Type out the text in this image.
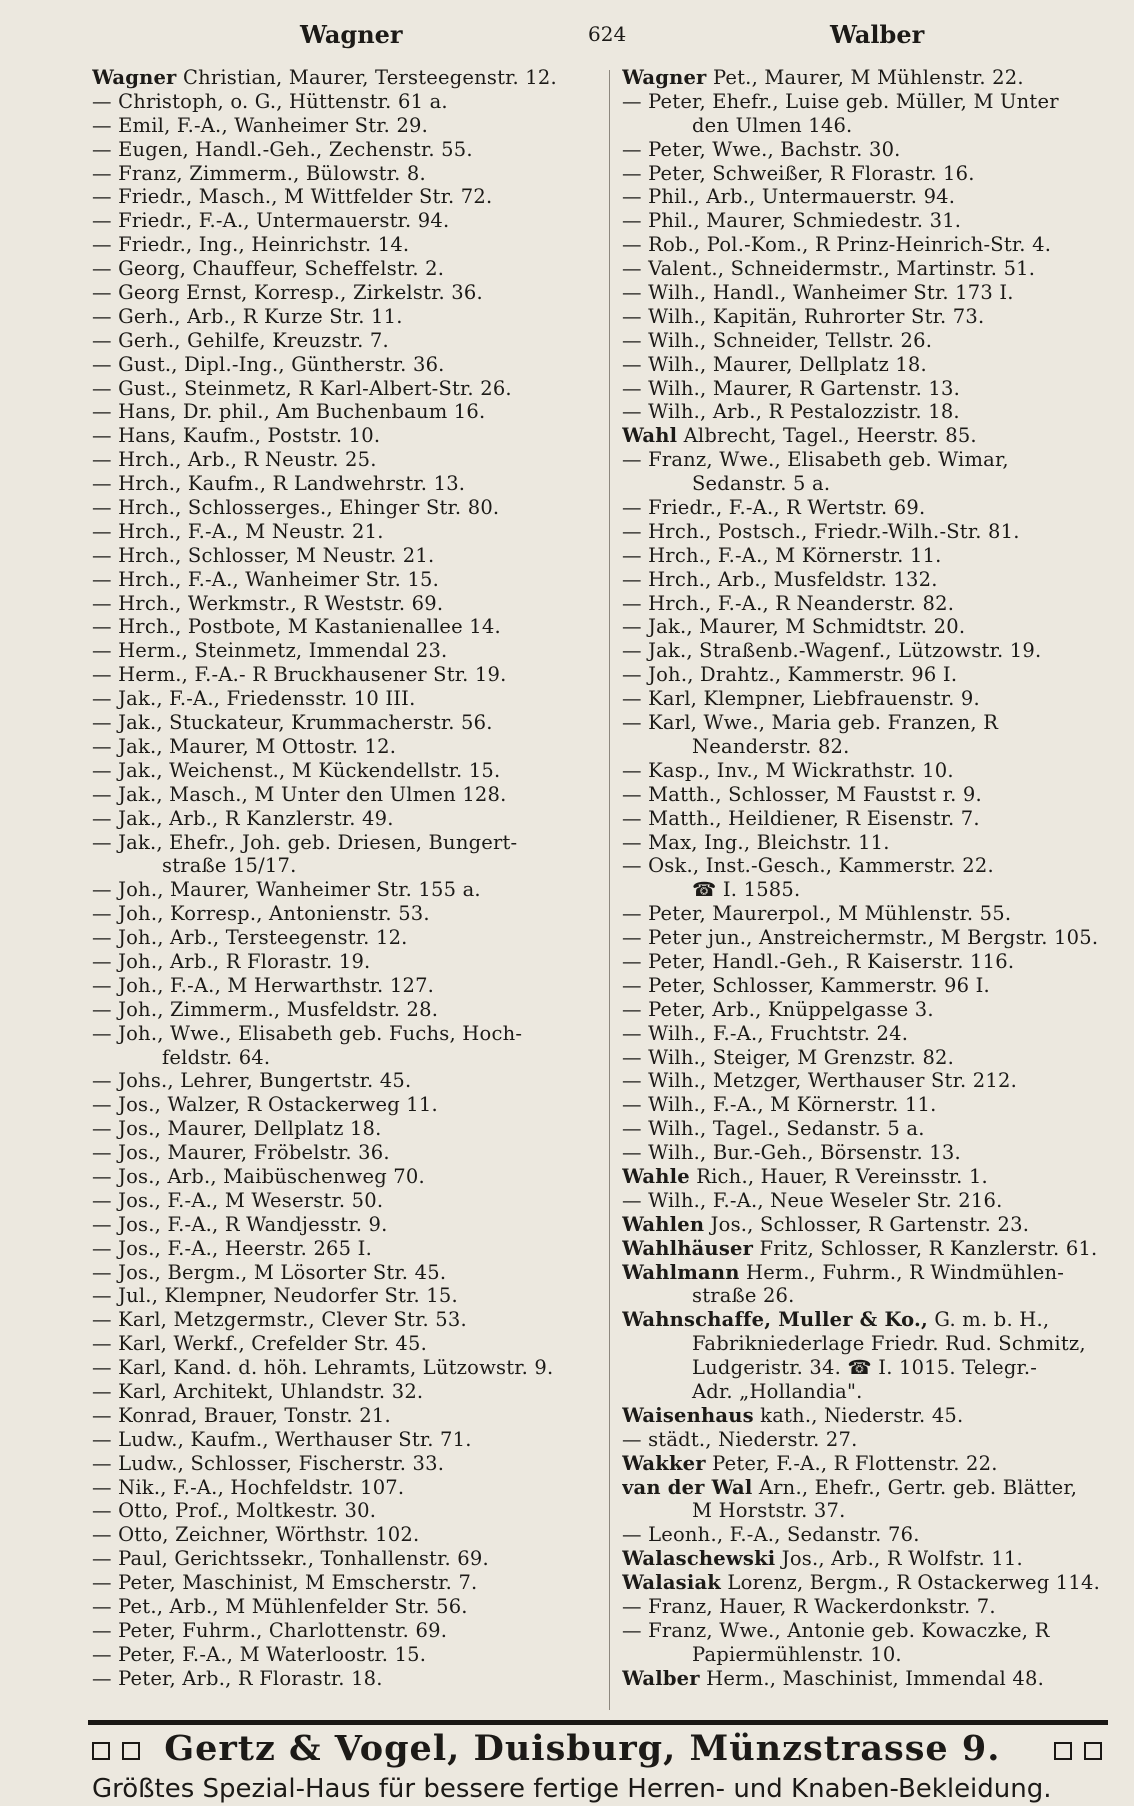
Wagner	624	Walber
Wagner Christian, Maurer, Tersteegenstr. 12.
— Christoph, o. G., Hüttenstr. 61 a.
— Emil, F.-A., Wanheimer Str. 29.
— Eugen, Handl.-Geh., Zechenstr. 55.
— Franz, Zimmerm., Bülowstr. 8.
— Friedr., Masch., M Wittfelder Str. 72.
— Friedr., F.-A., Untermauerstr. 94.
— Friedr., Ing., Heinrichstr. 14.
— Georg, Chauffeur, Scheffelstr. 2.
— Georg Ernst, Korresp., Zirkelstr. 36.
— Gerh., Arb., R Kurze Str. 11.
— Gerh., Gehilfe, Kreuzstr. 7.
— Gust., Dipl.-Ing., Güntherstr. 36.
— Gust., Steinmetz, R Karl-Albert-Str. 26.
— Hans, Dr. phil., Am Buchenbaum 16.
— Hans, Kaufm., Poststr. 10.
— Hrch., Arb., R Neustr. 25.
— Hrch., Kaufm., R Landwehrstr. 13.
— Hrch., Schlosserges., Ehinger Str. 80.
— Hrch., F.-A., M Neustr. 21.
— Hrch., Schlosser, M Neustr. 21.
— Hrch., F.-A., Wanheimer Str. 15.
— Hrch., Werkmstr., R Weststr. 69.
— Hrch., Postbote, M Kastanienallee 14.
— Herm., Steinmetz, Immendal 23.
— Herm., F.-A.- R Bruckhausener Str. 19.
— Jak., F.-A., Friedensstr. 10 III.
— Jak., Stuckateur, Krummacherstr. 56.
— Jak., Maurer, M Ottostr. 12.
— Jak., Weichenst., M Kückendellstr. 15.
— Jak., Masch., M Unter den Ulmen 128.
— Jak., Arb., R Kanzlerstr. 49.
— Jak., Ehefr., Joh. geb. Driesen, Bungert-
straße 15/17.
— Joh., Maurer, Wanheimer Str. 155 a.
— Joh., Korresp., Antonienstr. 53.
— Joh., Arb., Tersteegenstr. 12.
— Joh., Arb., R Florastr. 19.
— Joh., F.-A., M Herwarthstr. 127.
— Joh., Zimmerm., Musfeldstr. 28.
— Joh., Wwe., Elisabeth geb. Fuchs, Hoch-
feldstr. 64.
— Johs., Lehrer, Bungertstr. 45.
— Jos., Walzer, R Ostackerweg 11.
— Jos., Maurer, Dellplatz 18.
— Jos., Maurer, Fröbelstr. 36.
— Jos., Arb., Maibüschenweg 70.
— Jos., F.-A., M Weserstr. 50.
— Jos., F.-A., R Wandjesstr. 9.
— Jos., F.-A., Heerstr. 265 I.
— Jos., Bergm., M Lösorter Str. 45.
— Jul., Klempner, Neudorfer Str. 15.
— Karl, Metzgermstr., Clever Str. 53.
— Karl, Werkf., Crefelder Str. 45.
— Karl, Kand. d. höh. Lehramts, Lützowstr. 9.
— Karl, Architekt, Uhlandstr. 32.
— Konrad, Brauer, Tonstr. 21.
— Ludw., Kaufm., Werthauser Str. 71.
— Ludw., Schlosser, Fischerstr. 33.
— Nik., F.-A., Hochfeldstr. 107.
— Otto, Prof., Moltkestr. 30.
— Otto, Zeichner, Wörthstr. 102.
— Paul, Gerichtssekr., Tonhallenstr. 69.
— Peter, Maschinist, M Emscherstr. 7.
— Pet., Arb., M Mühlenfelder Str. 56.
— Peter, Fuhrm., Charlottenstr. 69.
— Peter, F.-A., M Waterloostr. 15.
— Peter, Arb., R Florastr. 18.
Wagner Pet., Maurer, M Mühlenstr. 22.
— Peter, Ehefr., Luise geb. Müller, M Unter
den Ulmen 146.
— Peter, Wwe., Bachstr. 30.
— Peter, Schweißer, R Florastr. 16.
— Phil., Arb., Untermauerstr. 94.
— Phil., Maurer, Schmiedestr. 31.
— Rob., Pol.-Kom., R Prinz-Heinrich-Str. 4.
— Valent., Schneidermstr., Martinstr. 51.
— Wilh., Handl., Wanheimer Str. 173 I.
— Wilh., Kapitän, Ruhrorter Str. 73.
— Wilh., Schneider, Tellstr. 26.
— Wilh., Maurer, Dellplatz 18.
— Wilh., Maurer, R Gartenstr. 13.
— Wilh., Arb., R Pestalozzistr. 18.
Wahl Albrecht, Tagel., Heerstr. 85.
— Franz, Wwe., Elisabeth geb. Wimar,
Sedanstr. 5 a.
— Friedr., F.-A., R Wertstr. 69.
— Hrch., Postsch., Friedr.-Wilh.-Str. 81.
— Hrch., F.-A., M Körnerstr. 11.
— Hrch., Arb., Musfeldstr. 132.
— Hrch., F.-A., R Neanderstr. 82.
— Jak., Maurer, M Schmidtstr. 20.
— Jak., Straßenb.-Wagenf., Lützowstr. 19.
— Joh., Drahtz., Kammerstr. 96 I.
— Karl, Klempner, Liebfrauenstr. 9.
— Karl, Wwe., Maria geb. Franzen, R
Neanderstr. 82.
— Kasp., Inv., M Wickrathstr. 10.
— Matth., Schlosser, M Faustst r. 9.
— Matth., Heildiener, R Eisenstr. 7.
— Max, Ing., Bleichstr. 11.
— Osk., Inst.-Gesch., Kammerstr. 22.
☎ I. 1585.
— Peter, Maurerpol., M Mühlenstr. 55.
— Peter jun., Anstreichermstr., M Bergstr. 105.
— Peter, Handl.-Geh., R Kaiserstr. 116.
— Peter, Schlosser, Kammerstr. 96 I.
— Peter, Arb., Knüppelgasse 3.
— Wilh., F.-A., Fruchtstr. 24.
— Wilh., Steiger, M Grenzstr. 82.
— Wilh., Metzger, Werthauser Str. 212.
— Wilh., F.-A., M Körnerstr. 11.
— Wilh., Tagel., Sedanstr. 5 a.
— Wilh., Bur.-Geh., Börsenstr. 13.
Wahle Rich., Hauer, R Vereinsstr. 1.
— Wilh., F.-A., Neue Weseler Str. 216.
Wahlen Jos., Schlosser, R Gartenstr. 23.
Wahlhäuser Fritz, Schlosser, R Kanzlerstr. 61.
Wahlmann Herm., Fuhrm., R Windmühlen-
straße 26.
Wahnschaffe, Muller & Ko., G. m. b. H.,
Fabrikniederlage Friedr. Rud. Schmitz,
Ludgeristr. 34. ☎ I. 1015. Telegr.-
Adr. „Hollandia".
Waisenhaus kath., Niederstr. 45.
— städt., Niederstr. 27.
Wakker Peter, F.-A., R Flottenstr. 22.
van der Wal Arn., Ehefr., Gertr. geb. Blätter,
M Horststr. 37.
— Leonh., F.-A., Sedanstr. 76.
Walaschewski Jos., Arb., R Wolfstr. 11.
Walasiak Lorenz, Bergm., R Ostackerweg 114.
— Franz, Hauer, R Wackerdonkstr. 7.
— Franz, Wwe., Antonie geb. Kowaczke, R
Papiermühlenstr. 10.
Walber Herm., Maschinist, Immendal 48.
Gertz & Vogel, Duisburg, Münzstrasse 9.
Größtes Spezial-Haus für bessere fertige Herren- und Knaben-Bekleidung.
